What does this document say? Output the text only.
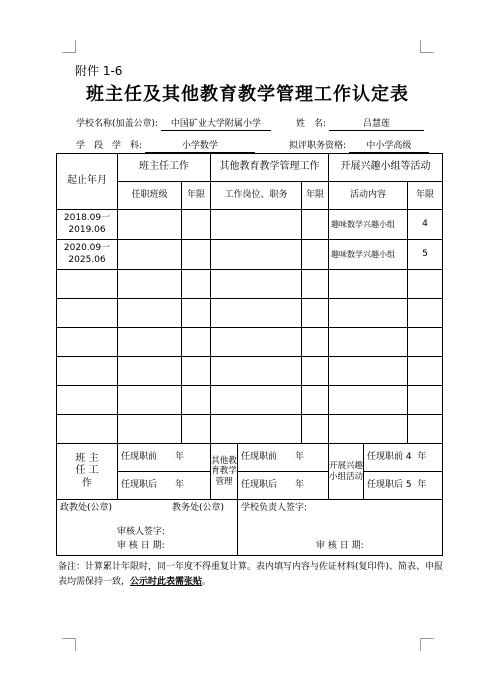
附件 1-6
班主任及其他教育教学管理工作认定表
学校名称(加盖公章): 中国矿业大学附属小学	姓　名:	吕慧莲
学　段　学　科:	小学数学	拟评职务资格: 中小学高级
起止年月	班主任工作		其他教育教学管理工作			开展兴趣小组等活动		
	任职班级	年限	工作岗位、职务		年限	活动内容		年限
2018.09一2019.06						趣味数学兴趣小组		4
2020.09一2025.06						趣味数学兴趣小组		5

班 主 任 工 作	任现职前　　 年		其他教育教学管理	任现职前　　 年		开展兴趣小组活动	任现职前 4 年	
	任现职后　　 年			任现职后　　 年			任现职后 5 年	

政教处(公章) 教务处(公章)
审核人签字:
审 核 日 期:				学校负责人签字:
审 核 日 期:				
备注：计算累计年限时，同一年度不得重复计算。表内填写内容与佐证材料(复印件)、简表、申报表均需保持一致，公示时此表需张贴。
